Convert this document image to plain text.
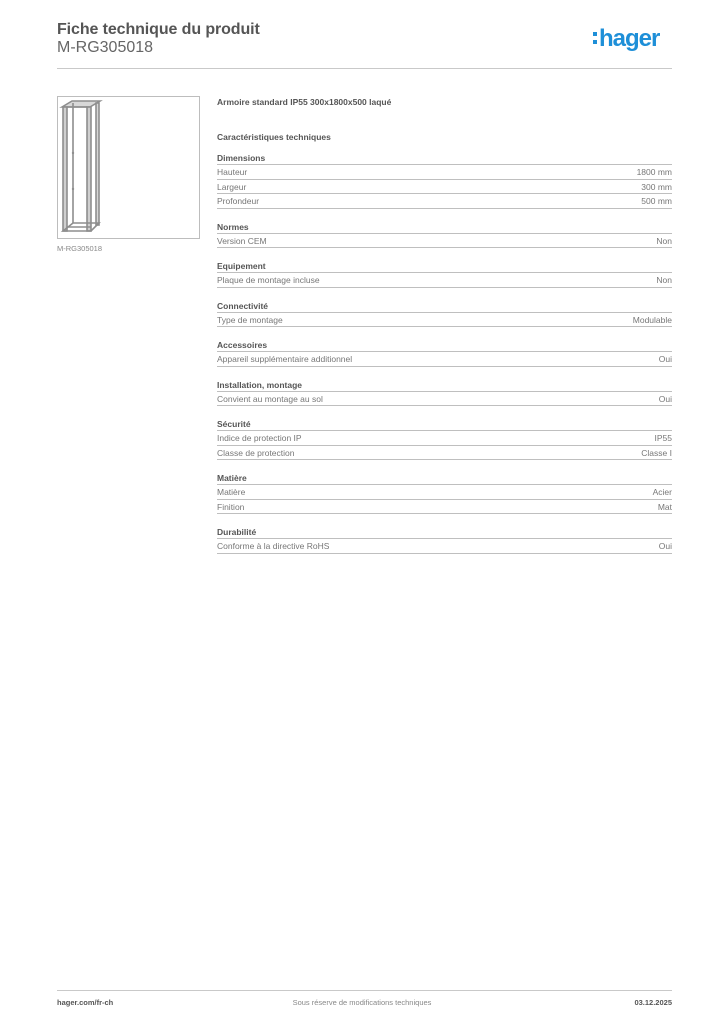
Fiche technique du produit
M-RG305018	hager
M-RG305018
Armoire standard IP55 300x1800x500 laqué
Caractéristiques techniques
Dimensions
Hauteur	1800 mm
Largeur	300 mm
Profondeur	500 mm
Normes
Version CEM	Non
Equipement
Plaque de montage incluse	Non
Connectivité
Type de montage	Modulable
Accessoires
Appareil supplémentaire additionnel	Oui
Installation, montage
Convient au montage au sol	Oui
Sécurité
Indice de protection IP	IP55
Classe de protection	Classe I
Matière
Matière	Acier
Finition	Mat
Durabilité
Conforme à la directive RoHS	Oui
hager.com/fr-ch	Sous réserve de modifications techniques	03.12.2025
